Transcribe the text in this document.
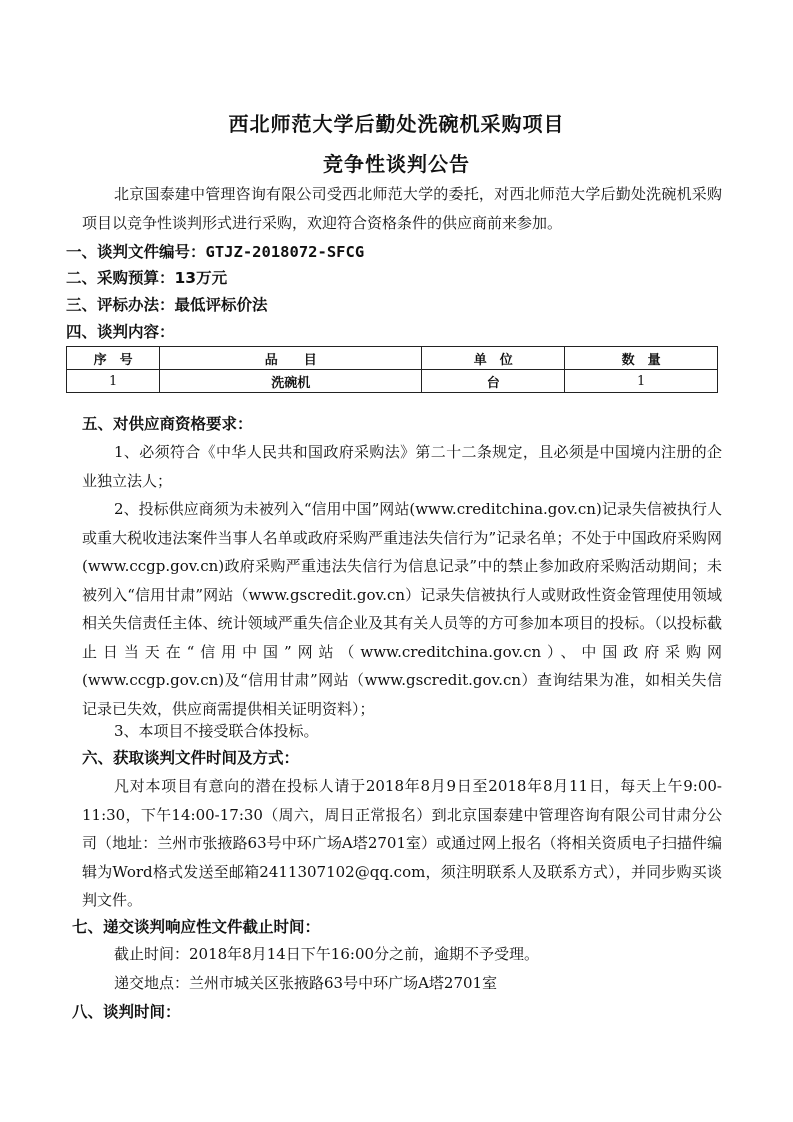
西北师范大学后勤处洗碗机采购项目
竞争性谈判公告
北京国泰建中管理咨询有限公司受西北师范大学的委托，对西北师范大学后勤处洗碗机采购项目以竞争性谈判形式进行采购，欢迎符合资格条件的供应商前来参加。
一、谈判文件编号：GTJZ-2018072-SFCG
二、采购预算：13万元
三、评标办法：最低评标价法
四、谈判内容：
序　号	品　　目	单　位	数　量
1	洗碗机	台	1
五、对供应商资格要求：
1、必须符合《中华人民共和国政府采购法》第二十二条规定，且必须是中国境内注册的企业独立法人；
2、投标供应商须为未被列入“信用中国”网站(www.creditchina.gov.cn)记录失信被执行人或重大税收违法案件当事人名单或政府采购严重违法失信行为”记录名单；不处于中国政府采购网(www.ccgp.gov.cn)政府采购严重违法失信行为信息记录”中的禁止参加政府采购活动期间；未被列入“信用甘肃”网站（www.gscredit.gov.cn）记录失信被执行人或财政性资金管理使用领域相关失信责任主体、统计领域严重失信企业及其有关人员等的方可参加本项目的投标。（以投标截止日当天在“信用中国”网站（www.creditchina.gov.cn）、中国政府采购网(www.ccgp.gov.cn)及“信用甘肃”网站（www.gscredit.gov.cn）查询结果为准，如相关失信记录已失效，供应商需提供相关证明资料）；
3、本项目不接受联合体投标。
六、获取谈判文件时间及方式：
凡对本项目有意向的潜在投标人请于2018年8月9日至2018年8月11日，每天上午9:00-11:30，下午14:00-17:30（周六，周日正常报名）到北京国泰建中管理咨询有限公司甘肃分公司（地址：兰州市张掖路63号中环广场A塔2701室）或通过网上报名（将相关资质电子扫描件编辑为Word格式发送至邮箱2411307102@qq.com，须注明联系人及联系方式），并同步购买谈判文件。
七、递交谈判响应性文件截止时间：
截止时间：2018年8月14日下午16:00分之前，逾期不予受理。
递交地点：兰州市城关区张掖路63号中环广场A塔2701室
八、谈判时间：
